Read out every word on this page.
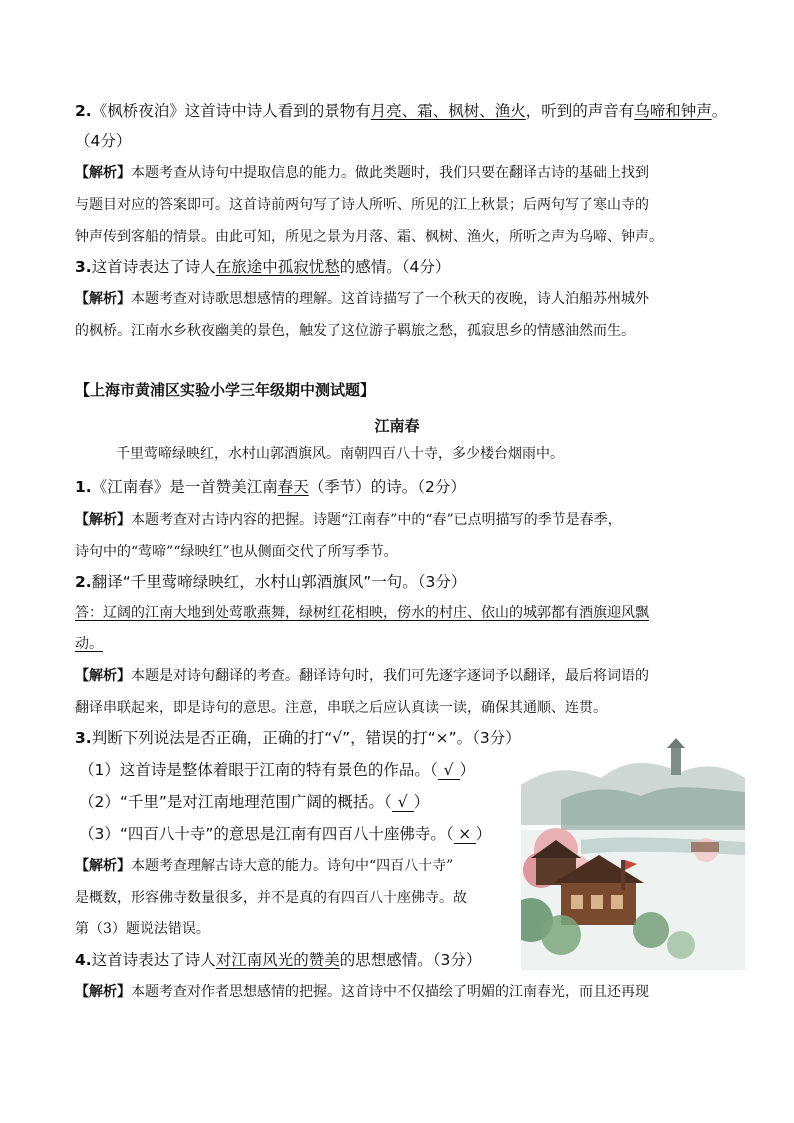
2.《枫桥夜泊》这首诗中诗人看到的景物有月亮、霜、枫树、渔火，听到的声音有乌啼和钟声。
（4分）
【解析】本题考查从诗句中提取信息的能力。做此类题时，我们只要在翻译古诗的基础上找到
与题目对应的答案即可。这首诗前两句写了诗人所听、所见的江上秋景；后两句写了寒山寺的
钟声传到客船的情景。由此可知，所见之景为月落、霜、枫树、渔火，所听之声为乌啼、钟声。
3.这首诗表达了诗人在旅途中孤寂忧愁的感情。（4分）
【解析】本题考查对诗歌思想感情的理解。这首诗描写了一个秋天的夜晚，诗人泊船苏州城外
的枫桥。江南水乡秋夜幽美的景色，触发了这位游子羁旅之愁，孤寂思乡的情感油然而生。
【上海市黄浦区实验小学三年级期中测试题】
江南春
千里莺啼绿映红，水村山郭酒旗风。南朝四百八十寺，多少楼台烟雨中。
1.《江南春》是一首赞美江南春天（季节）的诗。（2分）
【解析】本题考查对古诗内容的把握。诗题“江南春”中的“春”已点明描写的季节是春季，
诗句中的“莺啼”“绿映红”也从侧面交代了所写季节。
2.翻译“千里莺啼绿映红，水村山郭酒旗风”一句。（3分）
答：辽阔的江南大地到处莺歌燕舞，绿树红花相映，傍水的村庄、依山的城郭都有酒旗迎风飘
动。
【解析】本题是对诗句翻译的考查。翻译诗句时，我们可先逐字逐词予以翻译，最后将词语的
翻译串联起来，即是诗句的意思。注意，串联之后应认真读一读，确保其通顺、连贯。
3.判断下列说法是否正确，正确的打“√”，错误的打“×”。（3分）
（1）这首诗是整体着眼于江南的特有景色的作品。（ √ ）
（2）“千里”是对江南地理范围广阔的概括。（ √ ）
（3）“四百八十寺”的意思是江南有四百八十座佛寺。（ × ）
【解析】本题考查理解古诗大意的能力。诗句中“四百八十寺”
是概数，形容佛寺数量很多，并不是真的有四百八十座佛寺。故
第（3）题说法错误。
4.这首诗表达了诗人对江南风光的赞美的思想感情。（3分）
【解析】本题考查对作者思想感情的把握。这首诗中不仅描绘了明媚的江南春光，而且还再现
